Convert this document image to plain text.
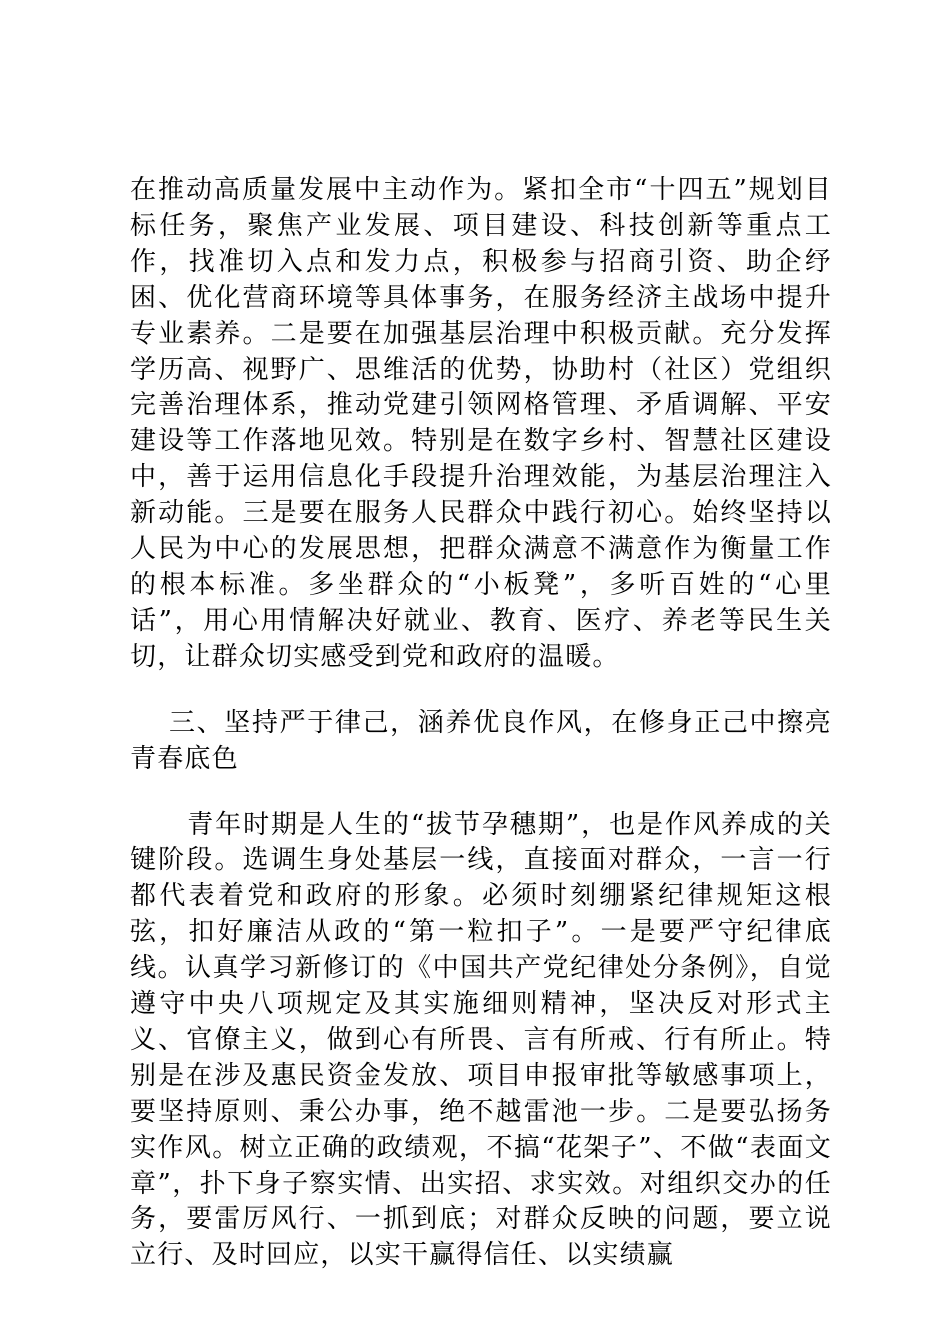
在推动高质量发展中主动作为。紧扣全市“十四五”规划目标任务，聚焦产业发展、项目建设、科技创新等重点工作，找准切入点和发力点，积极参与招商引资、助企纾困、优化营商环境等具体事务，在服务经济主战场中提升专业素养。二是要在加强基层治理中积极贡献。充分发挥学历高、视野广、思维活的优势，协助村（社区）党组织完善治理体系，推动党建引领网格管理、矛盾调解、平安建设等工作落地见效。特别是在数字乡村、智慧社区建设中，善于运用信息化手段提升治理效能，为基层治理注入新动能。三是要在服务人民群众中践行初心。始终坚持以人民为中心的发展思想，把群众满意不满意作为衡量工作的根本标准。多坐群众的“小板凳”，多听百姓的“心里话”，用心用情解决好就业、教育、医疗、养老等民生关切，让群众切实感受到党和政府的温暖。

三、坚持严于律己，涵养优良作风，在修身正己中擦亮青春底色

青年时期是人生的“拔节孕穗期”，也是作风养成的关键阶段。选调生身处基层一线，直接面对群众，一言一行都代表着党和政府的形象。必须时刻绷紧纪律规矩这根弦，扣好廉洁从政的“第一粒扣子”。一是要严守纪律底线。认真学习新修订的《中国共产党纪律处分条例》，自觉遵守中央八项规定及其实施细则精神，坚决反对形式主义、官僚主义，做到心有所畏、言有所戒、行有所止。特别是在涉及惠民资金发放、项目申报审批等敏感事项上，要坚持原则、秉公办事，绝不越雷池一步。二是要弘扬务实作风。树立正确的政绩观，不搞“花架子”、不做“表面文章”，扑下身子察实情、出实招、求实效。对组织交办的任务，要雷厉风行、一抓到底；对群众反映的问题，要立说立行、及时回应，以实干赢得信任、以实绩赢
